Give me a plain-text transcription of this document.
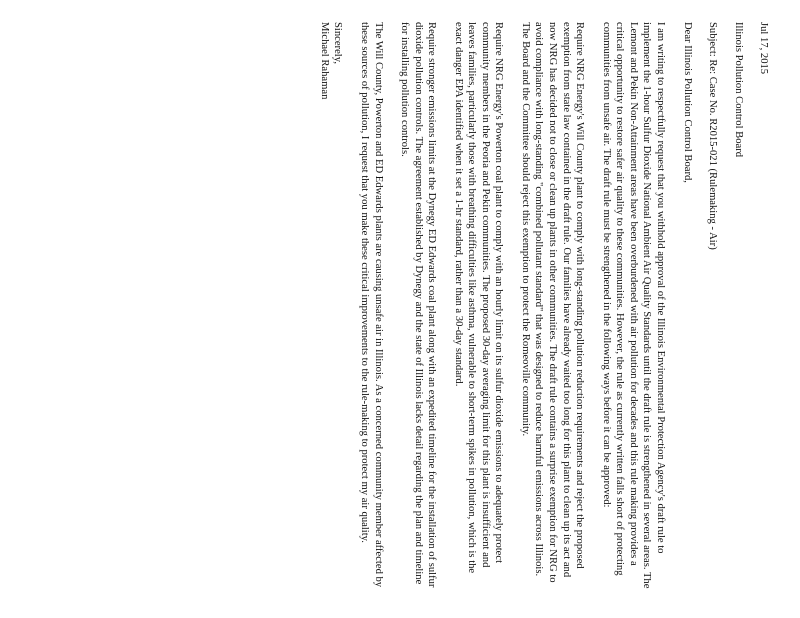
Jul 17, 2015

Illinois Pollution Control Board

Subject: Re: Case No. R2015-021 (Rulemaking - Air)

Dear Illinois Pollution Control Board,

I am writing to respectfully request that you withhold approval of the Illinois Environmental Protection Agency's draft rule to implement the 1-hour Sulfur Dioxide National Ambient Air Quality Standards until the draft rule is strengthened in several areas. The Lemont and Pekin Non-Attainment areas have been overburdened with air pollution for decades and this rule making provides a critical opportunity to restore safer air quality to these communities. However, the rule as currently written falls short of protecting communities from unsafe air. The draft rule must be strengthened in the following ways before it can be approved:

Require NRG Energy's Will County plant to comply with long-standing pollution reduction requirements and reject the proposed exemption from state law contained in the draft rule. Our families have already waited too long for this plant to clean up its act and now NRG has decided not to close or clean up plants in other communities. The draft rule contains a surprise exemption for NRG to avoid compliance with long-standing "combined pollutant standard" that was designed to reduce harmful emissions across Illinois. The Board and the Committee should reject this exemption to protect the Romeoville community.

Require NRG Energy's Powerton coal plant to comply with an hourly limit on its sulfur dioxide emissions to adequately protect community members in the Peoria and Pekin communities. The proposed 30-day averaging limit for this plant is insufficient and leaves families, particularly those with breathing difficulties like asthma, vulnerable to short-term spikes in pollution, which is the exact danger EPA identified when it set a 1-hr standard, rather than a 30-day standard.

Require stronger emissions limits at the Dynegy ED Edwards coal plant along with an expedited timeline for the installation of sulfur dioxide pollution controls. The agreement established by Dynegy and the state of Illinois lacks detail regarding the plan and timeline for installing pollution controls.

The Will County, Powerton and ED Edwards plants are causing unsafe air in Illinois. As a concerned community member affected by these sources of pollution, I request that you make these critical improvements to the rule-making to protect my air quality.

Sincerely,

Michael Rahaman
